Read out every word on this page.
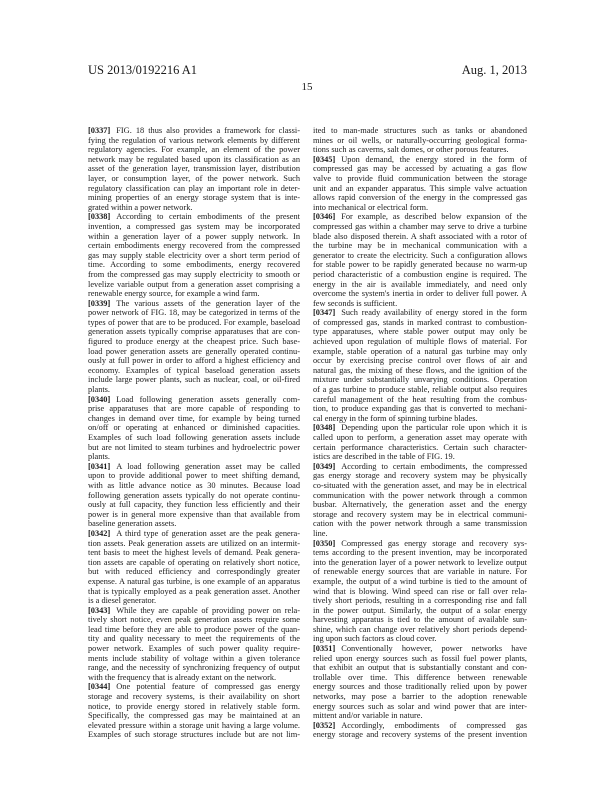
US 2013/0192216 A1	Aug. 1, 2013
15
[0337] FIG. 18 thus also provides a framework for classi-
fying the regulation of various network elements by different
regulatory agencies. For example, an element of the power
network may be regulated based upon its classification as an
asset of the generation layer, transmission layer, distribution
layer, or consumption layer, of the power network. Such
regulatory classification can play an important role in deter-
mining properties of an energy storage system that is inte-
grated within a power network.
[0338] According to certain embodiments of the present
invention, a compressed gas system may be incorporated
within a generation layer of a power supply network. In
certain embodiments energy recovered from the compressed
gas may supply stable electricity over a short term period of
time. According to some embodiments, energy recovered
from the compressed gas may supply electricity to smooth or
levelize variable output from a generation asset comprising a
renewable energy source, for example a wind farm.
[0339] The various assets of the generation layer of the
power network of FIG. 18, may be categorized in terms of the
types of power that are to be produced. For example, baseload
generation assets typically comprise apparatuses that are con-
figured to produce energy at the cheapest price. Such base-
load power generation assets are generally operated continu-
ously at full power in order to afford a highest efficiency and
economy. Examples of typical baseload generation assets
include large power plants, such as nuclear, coal, or oil-fired
plants.
[0340] Load following generation assets generally com-
prise apparatuses that are more capable of responding to
changes in demand over time, for example by being turned
on/off or operating at enhanced or diminished capacities.
Examples of such load following generation assets include
but are not limited to steam turbines and hydroelectric power
plants.
[0341] A load following generation asset may be called
upon to provide additional power to meet shifting demand,
with as little advance notice as 30 minutes. Because load
following generation assets typically do not operate continu-
ously at full capacity, they function less efficiently and their
power is in general more expensive than that available from
baseline generation assets.
[0342] A third type of generation asset are the peak genera-
tion assets. Peak generation assets are utilized on an intermit-
tent basis to meet the highest levels of demand. Peak genera-
tion assets are capable of operating on relatively short notice,
but with reduced efficiency and correspondingly greater
expense. A natural gas turbine, is one example of an apparatus
that is typically employed as a peak generation asset. Another
is a diesel generator.
[0343] While they are capable of providing power on rela-
tively short notice, even peak generation assets require some
lead time before they are able to produce power of the quan-
tity and quality necessary to meet the requirements of the
power network. Examples of such power quality require-
ments include stability of voltage within a given tolerance
range, and the necessity of synchronizing frequency of output
with the frequency that is already extant on the network.
[0344] One potential feature of compressed gas energy
storage and recovery systems, is their availability on short
notice, to provide energy stored in relatively stable form.
Specifically, the compressed gas may be maintained at an
elevated pressure within a storage unit having a large volume.
Examples of such storage structures include but are not lim-
ited to man-made structures such as tanks or abandoned
mines or oil wells, or naturally-occurring geological forma-
tions such as caverns, salt domes, or other porous features.
[0345] Upon demand, the energy stored in the form of
compressed gas may be accessed by actuating a gas flow
valve to provide fluid communication between the storage
unit and an expander apparatus. This simple valve actuation
allows rapid conversion of the energy in the compressed gas
into mechanical or electrical form.
[0346] For example, as described below expansion of the
compressed gas within a chamber may serve to drive a turbine
blade also disposed therein. A shaft associated with a rotor of
the turbine may be in mechanical communication with a
generator to create the electricity. Such a configuration allows
for stable power to be rapidly generated because no warm-up
period characteristic of a combustion engine is required. The
energy in the air is available immediately, and need only
overcome the system's inertia in order to deliver full power. A
few seconds is sufficient.
[0347] Such ready availability of energy stored in the form
of compressed gas, stands in marked contrast to combustion-
type apparatuses, where stable power output may only be
achieved upon regulation of multiple flows of material. For
example, stable operation of a natural gas turbine may only
occur by exercising precise control over flows of air and
natural gas, the mixing of these flows, and the ignition of the
mixture under substantially unvarying conditions. Operation
of a gas turbine to produce stable, reliable output also requires
careful management of the heat resulting from the combus-
tion, to produce expanding gas that is converted to mechani-
cal energy in the form of spinning turbine blades.
[0348] Depending upon the particular role upon which it is
called upon to perform, a generation asset may operate with
certain performance characteristics. Certain such character-
istics are described in the table of FIG. 19.
[0349] According to certain embodiments, the compressed
gas energy storage and recovery system may be physically
co-situated with the generation asset, and may be in electrical
communication with the power network through a common
busbar. Alternatively, the generation asset and the energy
storage and recovery system may be in electrical communi-
cation with the power network through a same transmission
line.
[0350] Compressed gas energy storage and recovery sys-
tems according to the present invention, may be incorporated
into the generation layer of a power network to levelize output
of renewable energy sources that are variable in nature. For
example, the output of a wind turbine is tied to the amount of
wind that is blowing. Wind speed can rise or fall over rela-
tively short periods, resulting in a corresponding rise and fall
in the power output. Similarly, the output of a solar energy
harvesting apparatus is tied to the amount of available sun-
shine, which can change over relatively short periods depend-
ing upon such factors as cloud cover.
[0351] Conventionally however, power networks have
relied upon energy sources such as fossil fuel power plants,
that exhibit an output that is substantially constant and con-
trollable over time. This difference between renewable
energy sources and those traditionally relied upon by power
networks, may pose a barrier to the adoption renewable
energy sources such as solar and wind power that are inter-
mittent and/or variable in nature.
[0352] Accordingly, embodiments of compressed gas
energy storage and recovery systems of the present invention
